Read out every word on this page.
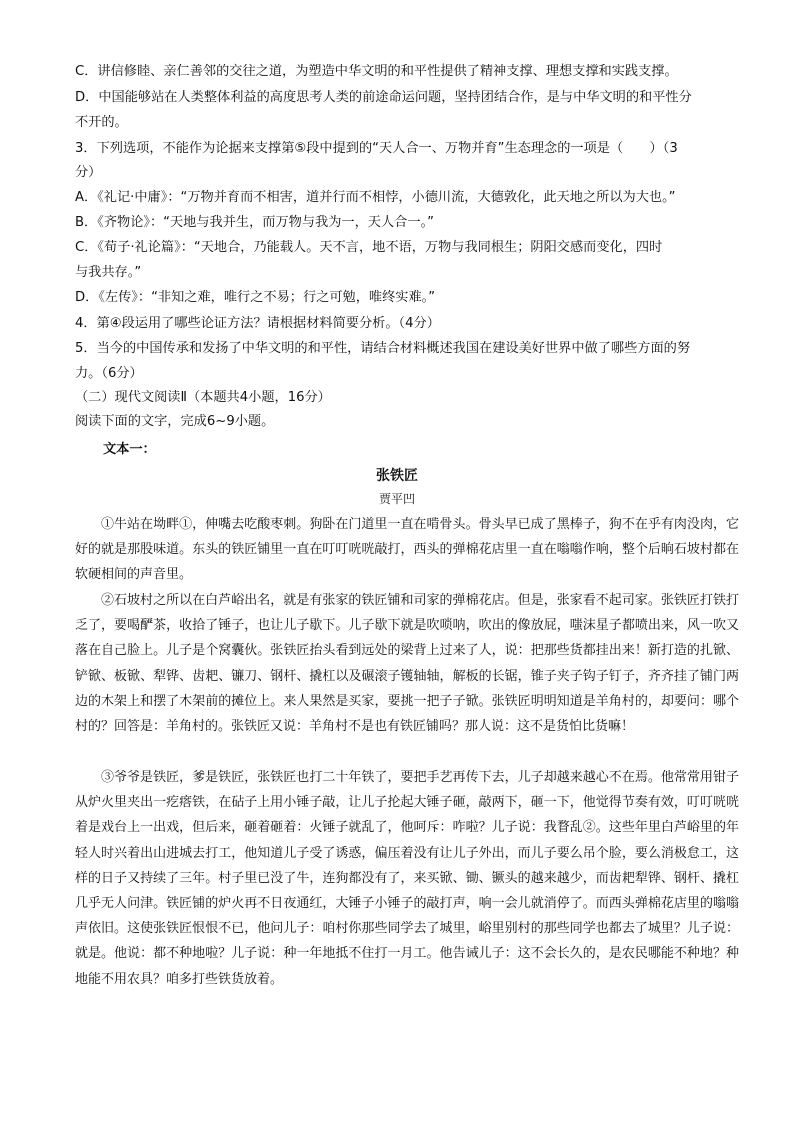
C．讲信修睦、亲仁善邻的交往之道，为塑造中华文明的和平性提供了精神支撑、理想支撑和实践支撑。
D．中国能够站在人类整体利益的高度思考人类的前途命运问题，坚持团结合作，是与中华文明的和平性分
不开的。
3．下列选项，不能作为论据来支撑第⑤段中提到的“天人合一、万物并育”生态理念的一项是（　　）（3
分）
A．《礼记·中庸》：“万物并育而不相害，道并行而不相悖，小德川流，大德敦化，此天地之所以为大也。”
B．《齐物论》：“天地与我并生，而万物与我为一，天人合一。”
C．《荀子·礼论篇》：“天地合，乃能载人。天不言，地不语，万物与我同根生；阴阳交感而变化，四时
与我共存。”
D．《左传》：“非知之难，唯行之不易；行之可勉，唯终实难。”
4．第④段运用了哪些论证方法？请根据材料简要分析。（4分）
5．当今的中国传承和发扬了中华文明的和平性，请结合材料概述我国在建设美好世界中做了哪些方面的努
力。（6分）
（二）现代文阅读Ⅱ（本题共4小题，16分）
阅读下面的文字，完成6~9小题。
文本一：
张铁匠
贾平凹
①牛站在坳畔①，伸嘴去吃酸枣刺。狗卧在门道里一直在啃骨头。骨头早已成了黑棒子，狗不在乎有肉没肉，它好的就是那股味道。东头的铁匠铺里一直在叮叮咣咣敲打，西头的弹棉花店里一直在嗡嗡作响，整个后晌石坡村都在软硬相间的声音里。
②石坡村之所以在白芦峪出名，就是有张家的铁匠铺和司家的弹棉花店。但是，张家看不起司家。张铁匠打铁打乏了，要喝酽茶，收拾了锤子，也让儿子歇下。儿子歇下就是吹唢呐，吹出的像放屁，嗤沫星子都喷出来，风一吹又落在自己脸上。儿子是个窝囊伙。张铁匠抬头看到远处的梁背上过来了人，说：把那些货都挂出来！新打造的扎锨、铲锨、板锨、犁铧、齿耙、镰刀、钢杆、撬杠以及碾滚子镬轴轴，解板的长锯，锥子夹子钩子钉子，齐齐挂了铺门两边的木架上和摆了木架前的摊位上。来人果然是买家，要挑一把子子锨。张铁匠明明知道是羊角村的，却要问：哪个村的？回答是：羊角村的。张铁匠又说：羊角村不是也有铁匠铺吗？那人说：这不是货怕比货嘛！
③爷爷是铁匠，爹是铁匠，张铁匠也打二十年铁了，要把手艺再传下去，儿子却越来越心不在焉。他常常用钳子从炉火里夹出一疙瘩铁，在砧子上用小锤子敲，让儿子抡起大锤子砸，敲两下，砸一下，他觉得节奏有效，叮叮咣咣着是戏台上一出戏，但后来，砸着砸着：火锤子就乱了，他呵斥：咋啦？儿子说：我瞀乱②。这些年里白芦峪里的年轻人时兴着出山进城去打工，他知道儿子受了诱惑，偏压着没有让儿子外出，而儿子要么吊个脸，要么消极怠工，这样的日子又持续了三年。村子里已没了牛，连狗都没有了，来买锨、锄、镢头的越来越少，而齿耙犁铧、钢杆、撬杠几乎无人问津。铁匠铺的炉火再不日夜通红，大锤子小锤子的敲打声，响一会儿就消停了。而西头弹棉花店里的嗡嗡声依旧。这使张铁匠恨恨不已，他问儿子：咱村你那些同学去了城里，峪里别村的那些同学也都去了城里？儿子说：就是。他说：都不种地啦？儿子说：种一年地抵不住打一月工。他告诫儿子：这不会长久的，是农民哪能不种地？种地能不用农具？咱多打些铁货放着。
